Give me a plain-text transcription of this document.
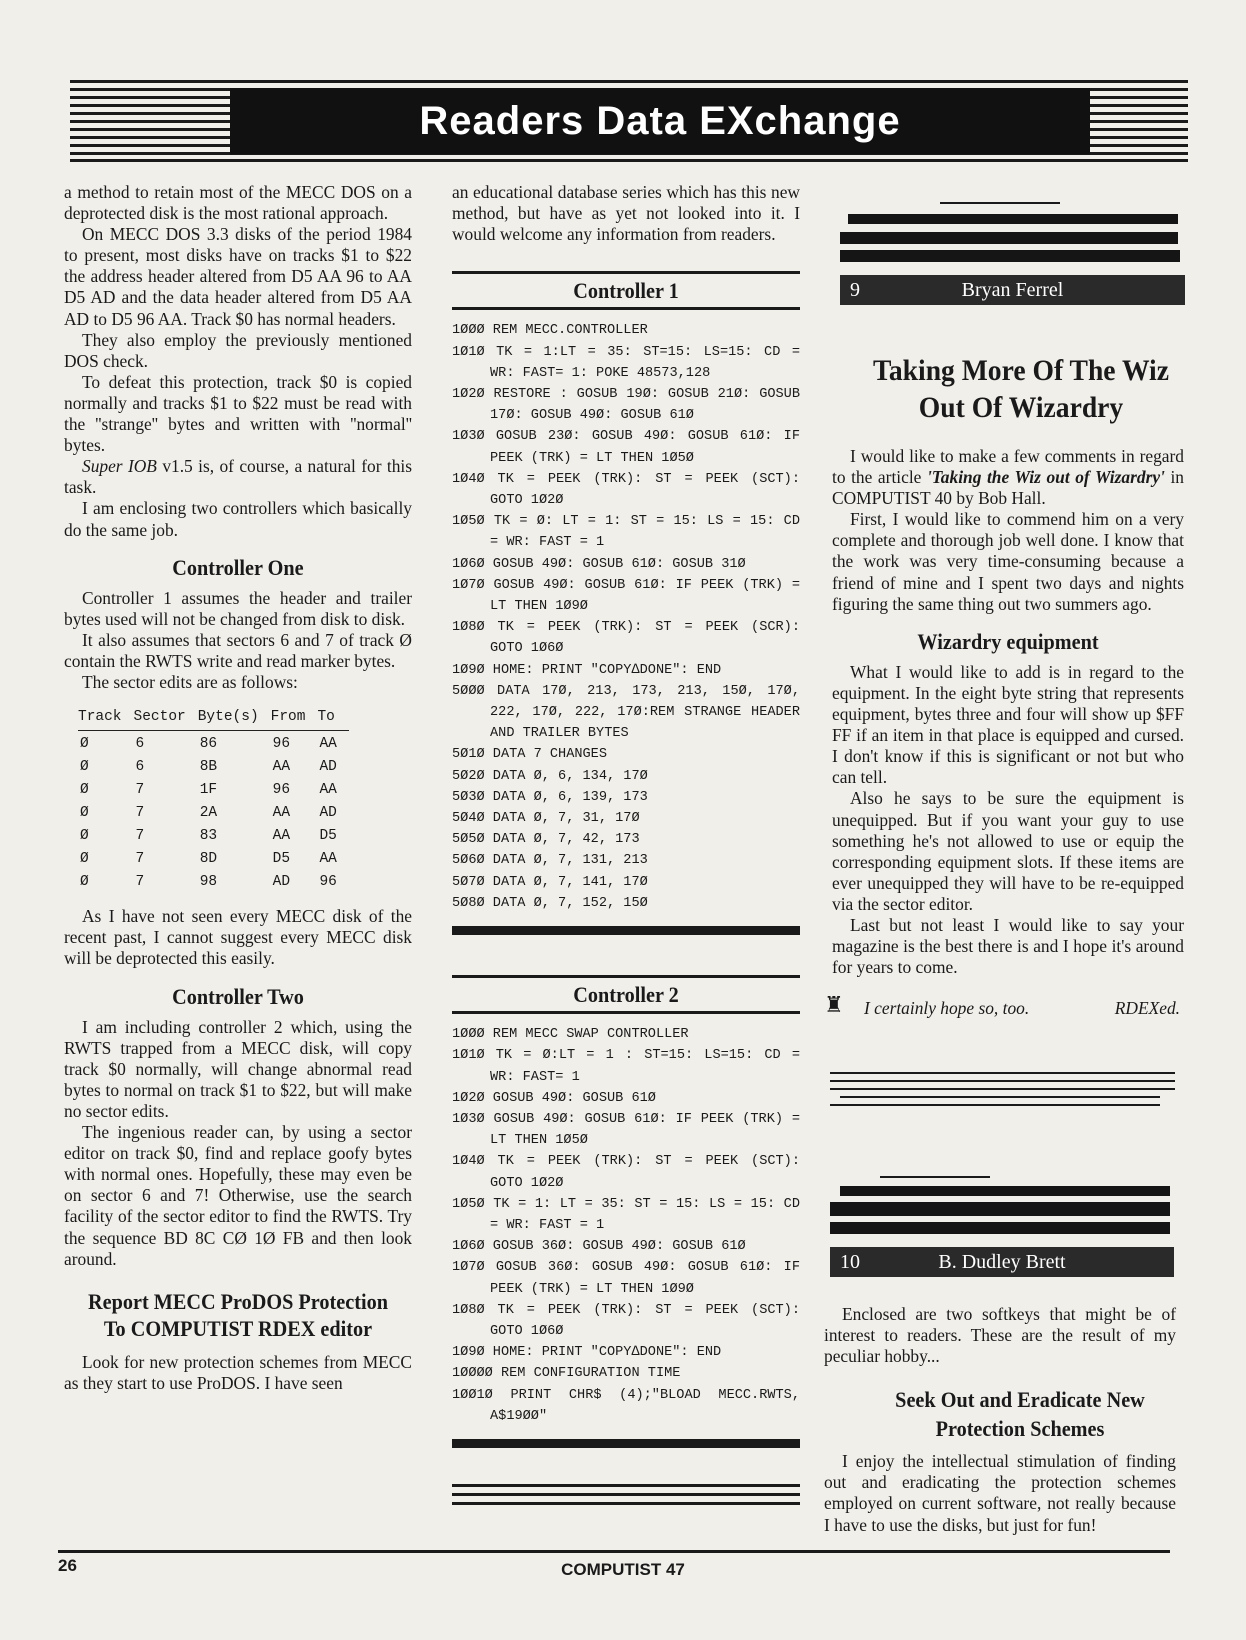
Readers Data EXchange

a method to retain most of the MECC DOS on a deprotected disk is the most rational approach.

On MECC DOS 3.3 disks of the period 1984 to present, most disks have on tracks $1 to $22 the address header altered from D5 AA 96 to AA D5 AD and the data header altered from D5 AA AD to D5 96 AA. Track $0 has normal headers.

They also employ the previously mentioned DOS check.

To defeat this protection, track $0 is copied normally and tracks $1 to $22 must be read with the ''strange'' bytes and written with ''normal'' bytes.

Super IOB v1.5 is, of course, a natural for this task.

I am enclosing two controllers which basically do the same job.

Controller One

Controller 1 assumes the header and trailer bytes used will not be changed from disk to disk.

It also assumes that sectors 6 and 7 of track Ø contain the RWTS write and read marker bytes.

The sector edits are as follows:

Track	Sector	Byte(s)	From	To
Ø	6	86	96	AA
Ø	6	8B	AA	AD
Ø	7	1F	96	AA
Ø	7	2A	AA	AD
Ø	7	83	AA	D5
Ø	7	8D	D5	AA
Ø	7	98	AD	96

As I have not seen every MECC disk of the recent past, I cannot suggest every MECC disk will be deprotected this easily.

Controller Two

I am including controller 2 which, using the RWTS trapped from a MECC disk, will copy track $0 normally, will change abnormal read bytes to normal on track $1 to $22, but will make no sector edits.

The ingenious reader can, by using a sector editor on track $0, find and replace goofy bytes with normal ones. Hopefully, these may even be on sector 6 and 7! Otherwise, use the search facility of the sector editor to find the RWTS. Try the sequence BD 8C CØ 1Ø FB and then look around.

Report MECC ProDOS Protection To COMPUTIST RDEX editor

Look for new protection schemes from MECC as they start to use ProDOS. I have seen

an educational database series which has this new method, but have as yet not looked into it. I would welcome any information from readers.

Controller 1
1ØØØ REM MECC.CONTROLLER
1Ø1Ø TK = 1:LT = 35: ST=15: LS=15: CD = WR: FAST= 1: POKE 48573,128
1Ø2Ø RESTORE : GOSUB 19Ø: GOSUB 21Ø: GOSUB 17Ø: GOSUB 49Ø: GOSUB 61Ø
1Ø3Ø GOSUB 23Ø: GOSUB 49Ø: GOSUB 61Ø: IF PEEK (TRK) = LT THEN 1Ø5Ø
1Ø4Ø TK = PEEK (TRK): ST = PEEK (SCT): GOTO 1Ø2Ø
1Ø5Ø TK = Ø: LT = 1: ST = 15: LS = 15: CD = WR: FAST = 1
1Ø6Ø GOSUB 49Ø: GOSUB 61Ø: GOSUB 31Ø
1Ø7Ø GOSUB 49Ø: GOSUB 61Ø: IF PEEK (TRK) = LT THEN 1Ø9Ø
1Ø8Ø TK = PEEK (TRK): ST = PEEK (SCR): GOTO 1Ø6Ø
1Ø9Ø HOME: PRINT "COPY∆DONE": END
5ØØØ DATA 17Ø, 213, 173, 213, 15Ø, 17Ø, 222, 17Ø, 222, 17Ø:REM STRANGE HEADER AND TRAILER BYTES
5Ø1Ø DATA 7 CHANGES
5Ø2Ø DATA Ø, 6, 134, 17Ø
5Ø3Ø DATA Ø, 6, 139, 173
5Ø4Ø DATA Ø, 7, 31, 17Ø
5Ø5Ø DATA Ø, 7, 42, 173
5Ø6Ø DATA Ø, 7, 131, 213
5Ø7Ø DATA Ø, 7, 141, 17Ø
5Ø8Ø DATA Ø, 7, 152, 15Ø
Controller 2
1ØØØ REM MECC SWAP CONTROLLER
1Ø1Ø TK = Ø:LT = 1 : ST=15: LS=15: CD = WR: FAST= 1
1Ø2Ø GOSUB 49Ø: GOSUB 61Ø
1Ø3Ø GOSUB 49Ø: GOSUB 61Ø: IF PEEK (TRK) = LT THEN 1Ø5Ø
1Ø4Ø TK = PEEK (TRK): ST = PEEK (SCT): GOTO 1Ø2Ø
1Ø5Ø TK = 1: LT = 35: ST = 15: LS = 15: CD = WR: FAST = 1
1Ø6Ø GOSUB 36Ø: GOSUB 49Ø: GOSUB 61Ø
1Ø7Ø GOSUB 36Ø: GOSUB 49Ø: GOSUB 61Ø: IF PEEK (TRK) = LT THEN 1Ø9Ø
1Ø8Ø TK = PEEK (TRK): ST = PEEK (SCT): GOTO 1Ø6Ø
1Ø9Ø HOME: PRINT "COPY∆DONE": END
1ØØØØ REM CONFIGURATION TIME
1ØØ1Ø PRINT CHR$ (4);"BLOAD MECC.RWTS, A$19ØØ"
9	Bryan Ferrel
Taking More Of The Wiz Out Of Wizardry

I would like to make a few comments in regard to the article 'Taking the Wiz out of Wizardry' in COMPUTIST 40 by Bob Hall.

First, I would like to commend him on a very complete and thorough job well done. I know that the work was very time-consuming because a friend of mine and I spent two days and nights figuring the same thing out two summers ago.

Wizardry equipment

What I would like to add is in regard to the equipment. In the eight byte string that represents equipment, bytes three and four will show up $FF FF if an item in that place is equipped and cursed. I don't know if this is significant or not but who can tell.

Also he says to be sure the equipment is unequipped. But if you want your guy to use something he's not allowed to use or equip the corresponding equipment slots. If these items are ever unequipped they will have to be re-equipped via the sector editor.

Last but not least I would like to say your magazine is the best there is and I hope it's around for years to come.

♜ I certainly hope so, too.	RDEXed.
10	B. Dudley Brett

Enclosed are two softkeys that might be of interest to readers. These are the result of my peculiar hobby...

Seek Out and Eradicate New Protection Schemes

I enjoy the intellectual stimulation of finding out and eradicating the protection schemes employed on current software, not really because I have to use the disks, but just for fun!

26	COMPUTIST 47
